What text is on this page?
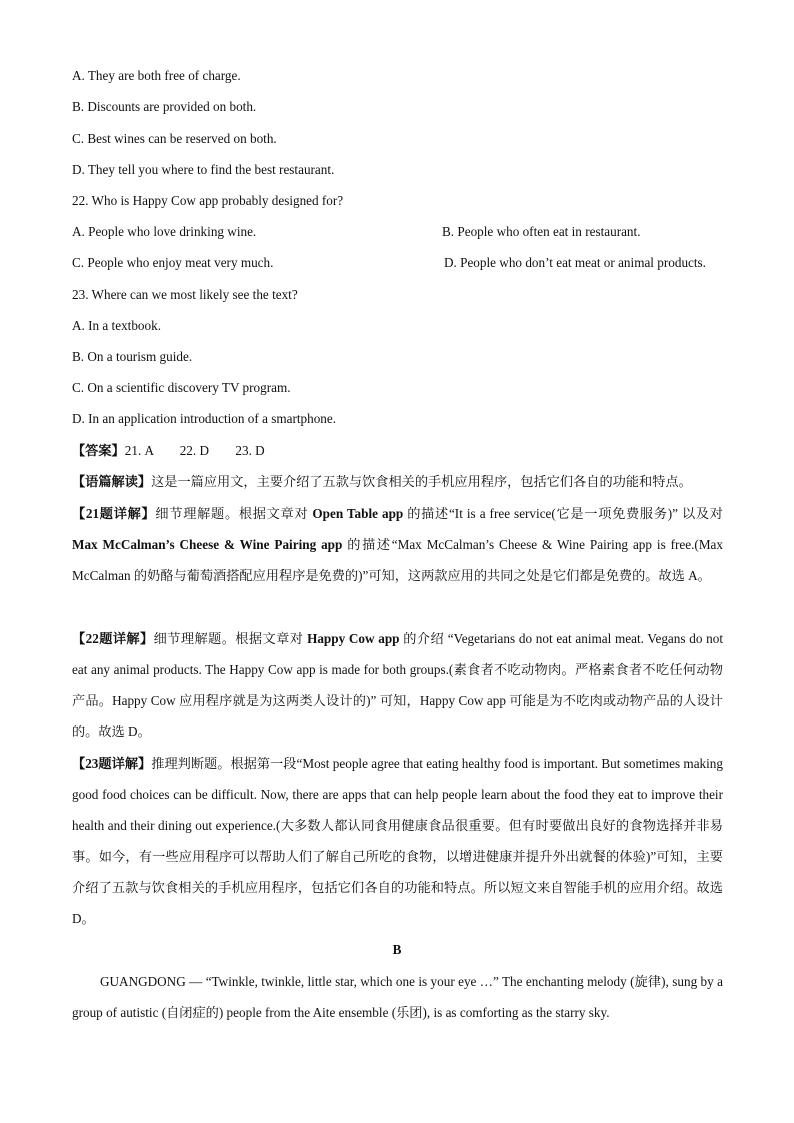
A. They are both free of charge.
B. Discounts are provided on both.
C. Best wines can be reserved on both.
D. They tell you where to find the best restaurant.
22. Who is Happy Cow app probably designed for?
A. People who love drinking wine.	B. People who often eat in restaurant.
C. People who enjoy meat very much.	D. People who don’t eat meat or animal products.
23. Where can we most likely see the text?
A. In a textbook.
B. On a tourism guide.
C. On a scientific discovery TV program.
D. In an application introduction of a smartphone.
【答案】21. A        22. D        23. D
【语篇解读】这是一篇应用文，主要介绍了五款与饮食相关的手机应用程序，包括它们各自的功能和特点。
【21题详解】细节理解题。根据文章对 Open Table app 的描述“It is a free service(它是一项免费服务)” 以及对 Max McCalman’s Cheese & Wine Pairing app 的描述“Max McCalman’s Cheese & Wine Pairing app is free.(Max McCalman 的奶酪与葡萄酒搭配应用程序是免费的)”可知，这两款应用的共同之处是它们都是免费的。故选 A。
【22题详解】细节理解题。根据文章对 Happy Cow app 的介绍 “Vegetarians do not eat animal meat. Vegans do not eat any animal products. The Happy Cow app is made for both groups.(素食者不吃动物肉。严格素食者不吃任何动物产品。Happy Cow 应用程序就是为这两类人设计的)” 可知，Happy Cow app 可能是为不吃肉或动物产品的人设计的。故选 D。
【23题详解】推理判断题。根据第一段“Most people agree that eating healthy food is important. But sometimes making good food choices can be difficult. Now, there are apps that can help people learn about the food they eat to improve their health and their dining out experience.(大多数人都认同食用健康食品很重要。但有时要做出良好的食物选择并非易事。如今，有一些应用程序可以帮助人们了解自己所吃的食物，以增进健康并提升外出就餐的体验)”可知，主要介绍了五款与饮食相关的手机应用程序，包括它们各自的功能和特点。所以短文来自智能手机的应用介绍。故选 D。
B
GUANGDONG — “Twinkle, twinkle, little star, which one is your eye …” The enchanting melody (旋律), sung by a group of autistic (自闭症的) people from the Aite ensemble (乐团), is as comforting as the starry sky.
